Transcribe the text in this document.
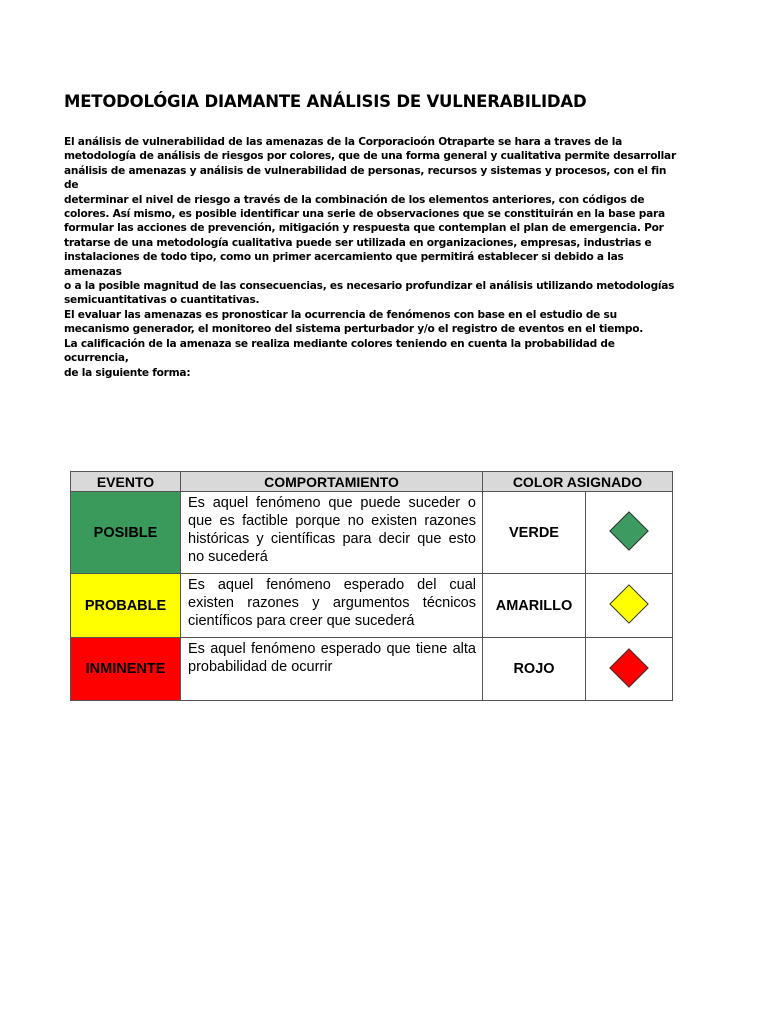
METODOLÓGIA DIAMANTE ANÁLISIS DE VULNERABILIDAD

El análisis de vulnerabilidad de las amenazas de la Corporacioón Otraparte se hara a traves de la
metodología de análisis de riesgos por colores, que de una forma general y cualitativa permite desarrollar
análisis de amenazas y análisis de vulnerabilidad de personas, recursos y sistemas y procesos, con el fin de
determinar el nivel de riesgo a través de la combinación de los elementos anteriores, con códigos de
colores. Así mismo, es posible identificar una serie de observaciones que se constituirán en la base para
formular las acciones de prevención, mitigación y respuesta que contemplan el plan de emergencia. Por
tratarse de una metodología cualitativa puede ser utilizada en organizaciones, empresas, industrias e
instalaciones de todo tipo, como un primer acercamiento que permitirá establecer si debido a las amenazas
o a la posible magnitud de las consecuencias, es necesario profundizar el análisis utilizando metodologías
semicuantitativas o cuantitativas.

El evaluar las amenazas es pronosticar la ocurrencia de fenómenos con base en el estudio de su
mecanismo generador, el monitoreo del sistema perturbador y/o el registro de eventos en el tiempo.

La calificación de la amenaza se realiza mediante colores teniendo en cuenta la probabilidad de ocurrencia,
de la siguiente forma:

EVENTO	COMPORTAMIENTO	COLOR ASIGNADO	
POSIBLE	Es aquel fenómeno que puede suceder o que es factible porque no existen razones históricas y científicas para decir que esto no sucederá	VERDE	
PROBABLE	Es aquel fenómeno esperado del cual existen razones y argumentos técnicos científicos para creer que sucederá	AMARILLO	
INMINENTE	Es aquel fenómeno esperado que tiene alta probabilidad de ocurrir	ROJO	
